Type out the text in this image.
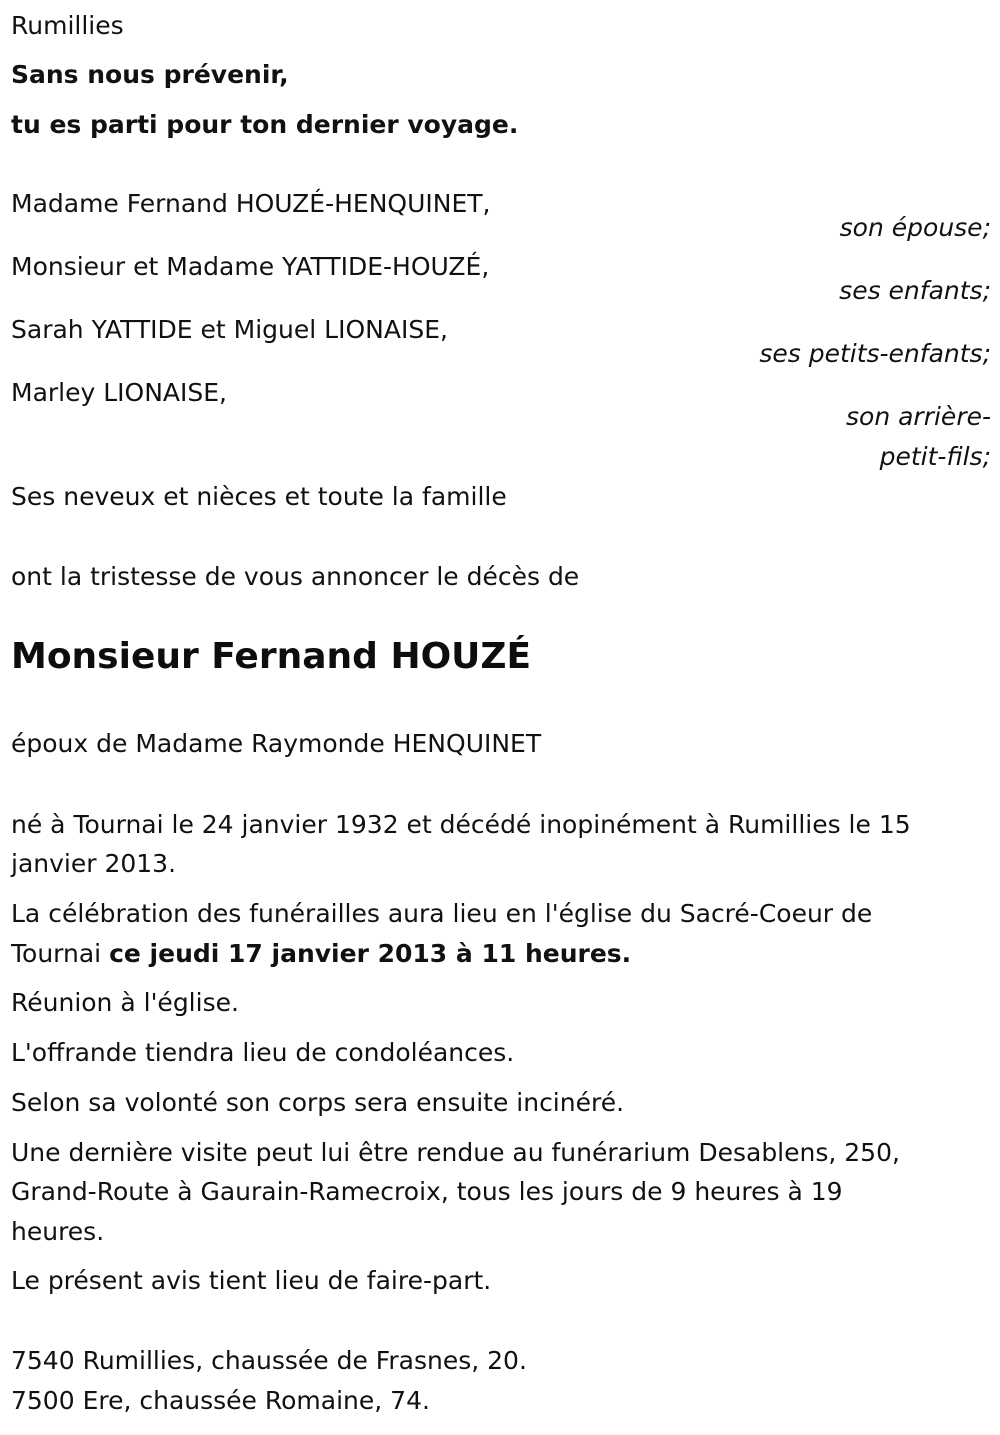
Rumillies
Sans nous prévenir,
tu es parti pour ton dernier voyage.
Madame Fernand HOUZÉ-HENQUINET,
son épouse;
Monsieur et Madame YATTIDE-HOUZÉ,
ses enfants;
Sarah YATTIDE et Miguel LIONAISE,
ses petits-enfants;
Marley LIONAISE,
son arrière-
petit-fils;
Ses neveux et nièces et toute la famille
ont la tristesse de vous annoncer le décès de
Monsieur Fernand HOUZÉ
époux de Madame Raymonde HENQUINET
né à Tournai le 24 janvier 1932 et décédé inopinément à Rumillies le 15
janvier 2013.
La célébration des funérailles aura lieu en l'église du Sacré-Coeur de
Tournai ce jeudi 17 janvier 2013 à 11 heures.
Réunion à l'église.
L'offrande tiendra lieu de condoléances.
Selon sa volonté son corps sera ensuite incinéré.
Une dernière visite peut lui être rendue au funérarium Desablens, 250,
Grand-Route à Gaurain-Ramecroix, tous les jours de 9 heures à 19
heures.
Le présent avis tient lieu de faire-part.
7540 Rumillies, chaussée de Frasnes, 20.
7500 Ere, chaussée Romaine, 74.
